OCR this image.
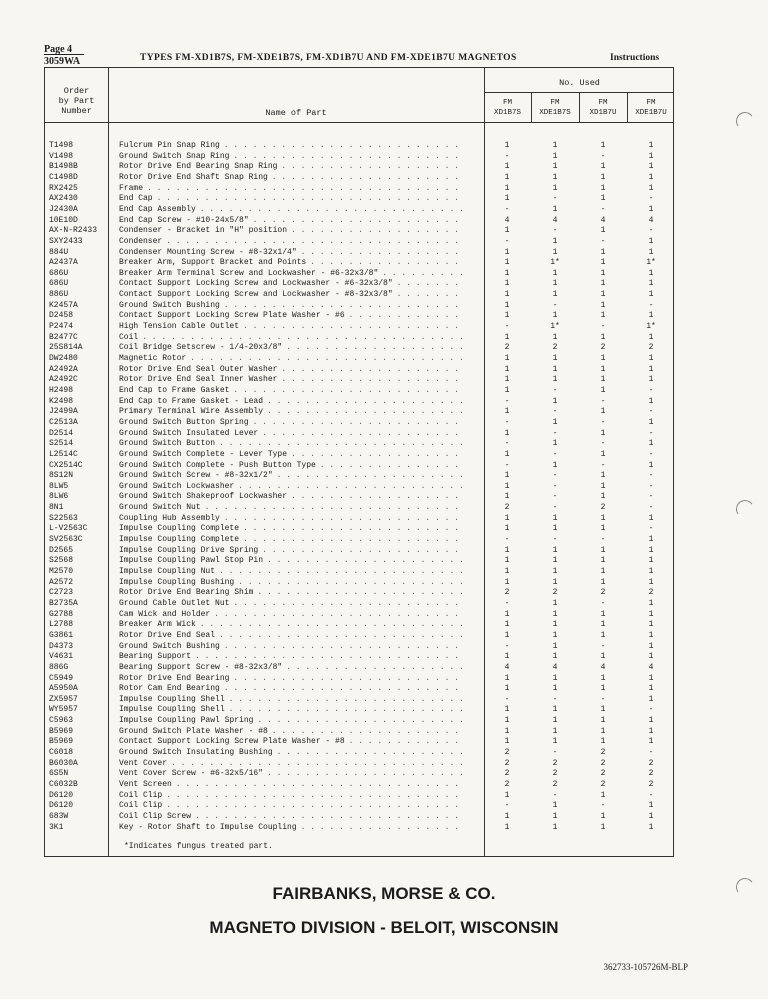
Page 4
3059WA	TYPES FM-XD1B7S, FM-XDE1B7S, FM-XD1B7U AND FM-XDE1B7U MAGNETOS	Instructions
Order
by Part
Number	Name of Part
No. Used
FM
XD1B7S
FM
XDE1B7S
FM
XD1B7U
FM
XDE1B7U
T1498	Fulcrum Pin Snap Ring . . . . . . . . . . . . . . . . . . . . . . . . .	1	1	1	1
V1498	Ground Switch Snap Ring . . . . . . . . . . . . . . . . . . . . . . . .	-	1	-	1
B1498B	Rotor Drive End Bearing Snap Ring . . . . . . . . . . . . . . . . . . .	1	1	1	1
C1498D	Rotor Drive End Shaft Snap Ring . . . . . . . . . . . . . . . . . . . .	1	1	1	1
RX2425	Frame . . . . . . . . . . . . . . . . . . . . . . . . . . . . . . . . .	1	1	1	1
AX2430	End Cap . . . . . . . . . . . . . . . . . . . . . . . . . . . . . . . .	1	-	1	-
J2430A	End Cap Assembly . . . . . . . . . . . . . . . . . . . . . . . . . . . .	-	1	-	1
10E10D	End Cap Screw - #10-24x5/8" . . . . . . . . . . . . . . . . . . . . . .	4	4	4	4
AX-N-R2433	Condenser - Bracket in "H" position . . . . . . . . . . . . . . . . . .	1	-	1	-
SXY2433	Condenser . . . . . . . . . . . . . . . . . . . . . . . . . . . . . . .	-	1	-	1
884U	Condenser Mounting Screw - #8-32x1/4" . . . . . . . . . . . . . . . . .	1	1	1	1
A2437A	Breaker Arm, Support Bracket and Points . . . . . . . . . . . . . . . .	1	1*	1	1*
686U	Breaker Arm Terminal Screw and Lockwasher - #6-32x3/8" . . . . . . . . .	1	1	1	1
686U	Contact Support Locking Screw and Lockwasher - #6-32x3/8" . . . . . . .	1	1	1	1
886U	Contact Support Locking Screw and Lockwasher - #8-32x3/8" . . . . . . .	1	1	1	1
K2457A	Ground Switch Bushing . . . . . . . . . . . . . . . . . . . . . . . . .	1	-	1	-
D2458	Contact Support Locking Screw Plate Washer - #6 . . . . . . . . . . . .	1	1	1	1
P2474	High Tension Cable Outlet . . . . . . . . . . . . . . . . . . . . . . .	-	1*	-	1*
B2477C	Coil . . . . . . . . . . . . . . . . . . . . . . . . . . . . . . . . . .	1	1	1	1
25S814A	Coil Bridge Setscrew - 1/4-20x3/8" . . . . . . . . . . . . . . . . . . .	2	2	2	2
DW2480	Magnetic Rotor . . . . . . . . . . . . . . . . . . . . . . . . . . . . .	1	1	1	1
A2492A	Rotor Drive End Seal Outer Washer . . . . . . . . . . . . . . . . . . .	1	1	1	1
A2492C	Rotor Drive End Seal Inner Washer . . . . . . . . . . . . . . . . . . .	1	1	1	1
H2498	End Cap to Frame Gasket . . . . . . . . . . . . . . . . . . . . . . . .	1	-	1	-
K2498	End Cap to Frame Gasket - Lead . . . . . . . . . . . . . . . . . . . . .	-	1	-	1
J2499A	Primary Terminal Wire Assembly . . . . . . . . . . . . . . . . . . . . .	1	-	1	-
C2513A	Ground Switch Button Spring . . . . . . . . . . . . . . . . . . . . . .	-	1	-	1
D2514	Ground Switch Insulated Lever . . . . . . . . . . . . . . . . . . . . .	1	-	1	-
S2514	Ground Switch Button . . . . . . . . . . . . . . . . . . . . . . . . . .	-	1	-	1
L2514C	Ground Switch Complete - Lever Type . . . . . . . . . . . . . . . . . .	1	-	1	-
CX2514C	Ground Switch Complete - Push Button Type . . . . . . . . . . . . . . .	-	1	-	1
8S12N	Ground Switch Screw - #8-32x1/2" . . . . . . . . . . . . . . . . . . . .	1	-	1	-
8LW5	Ground Switch Lockwasher . . . . . . . . . . . . . . . . . . . . . . . .	1	-	1	-
8LW6	Ground Switch Shakeproof Lockwasher . . . . . . . . . . . . . . . . . .	1	-	1	-
8N1	Ground Switch Nut . . . . . . . . . . . . . . . . . . . . . . . . . . .	2	-	2	-
S22563	Coupling Hub Assembly . . . . . . . . . . . . . . . . . . . . . . . . .	1	1	1	1
L-V2563C	Impulse Coupling Complete . . . . . . . . . . . . . . . . . . . . . . .	1	1	1	-
SV2563C	Impulse Coupling Complete . . . . . . . . . . . . . . . . . . . . . . .	-	-	-	1
D2565	Impulse Coupling Drive Spring . . . . . . . . . . . . . . . . . . . . .	1	1	1	1
S2568	Impulse Coupling Pawl Stop Pin . . . . . . . . . . . . . . . . . . . . .	1	1	1	1
M2570	Impulse Coupling Nut . . . . . . . . . . . . . . . . . . . . . . . . . .	1	1	1	1
A2572	Impulse Coupling Bushing . . . . . . . . . . . . . . . . . . . . . . . .	1	1	1	1
C2723	Rotor Drive End Bearing Shim . . . . . . . . . . . . . . . . . . . . . .	2	2	2	2
B2735A	Ground Cable Outlet Nut . . . . . . . . . . . . . . . . . . . . . . . .	-	1	-	1
G2788	Cam Wick and Holder . . . . . . . . . . . . . . . . . . . . . . . . . .	1	1	1	1
L2788	Breaker Arm Wick . . . . . . . . . . . . . . . . . . . . . . . . . . . .	1	1	1	1
G3861	Rotor Drive End Seal . . . . . . . . . . . . . . . . . . . . . . . . . .	1	1	1	1
D4373	Ground Switch Bushing . . . . . . . . . . . . . . . . . . . . . . . . .	-	1	-	1
V4631	Bearing Support . . . . . . . . . . . . . . . . . . . . . . . . . . . .	1	1	1	1
886G	Bearing Support Screw - #8-32x3/8" . . . . . . . . . . . . . . . . . . .	4	4	4	4
C5949	Rotor Drive End Bearing . . . . . . . . . . . . . . . . . . . . . . . .	1	1	1	1
A5950A	Rotor Cam End Bearing . . . . . . . . . . . . . . . . . . . . . . . . .	1	1	1	1
ZX5957	Impulse Coupling Shell . . . . . . . . . . . . . . . . . . . . . . . . .	-	-	-	1
WY5957	Impulse Coupling Shell . . . . . . . . . . . . . . . . . . . . . . . . .	1	1	1	-
C5963	Impulse Coupling Pawl Spring . . . . . . . . . . . . . . . . . . . . . .	1	1	1	1
B5969	Ground Switch Plate Washer - #8 . . . . . . . . . . . . . . . . . . . .	1	1	1	1
B5969	Contact Support Locking Screw Plate Washer - #8 . . . . . . . . . . . .	1	1	1	1
C6018	Ground Switch Insulating Bushing . . . . . . . . . . . . . . . . . . . .	2	-	2	-
B6030A	Vent Cover . . . . . . . . . . . . . . . . . . . . . . . . . . . . . . .	2	2	2	2
6S5N	Vent Cover Screw - #6-32x5/16" . . . . . . . . . . . . . . . . . . . . .	2	2	2	2
C6032B	Vent Screen . . . . . . . . . . . . . . . . . . . . . . . . . . . . . .	2	2	2	2
D6120	Coil Clip . . . . . . . . . . . . . . . . . . . . . . . . . . . . . . .	1	-	1	-
D6120	Coil Clip . . . . . . . . . . . . . . . . . . . . . . . . . . . . . . .	-	1	-	1
683W	Coil Clip Screw . . . . . . . . . . . . . . . . . . . . . . . . . . . .	1	1	1	1
3K1	Key - Rotor Shaft to Impulse Coupling . . . . . . . . . . . . . . . . .	1	1	1	1
*Indicates fungus treated part.
FAIRBANKS, MORSE & CO.
MAGNETO DIVISION - BELOIT, WISCONSIN
362733-105726M-BLP
